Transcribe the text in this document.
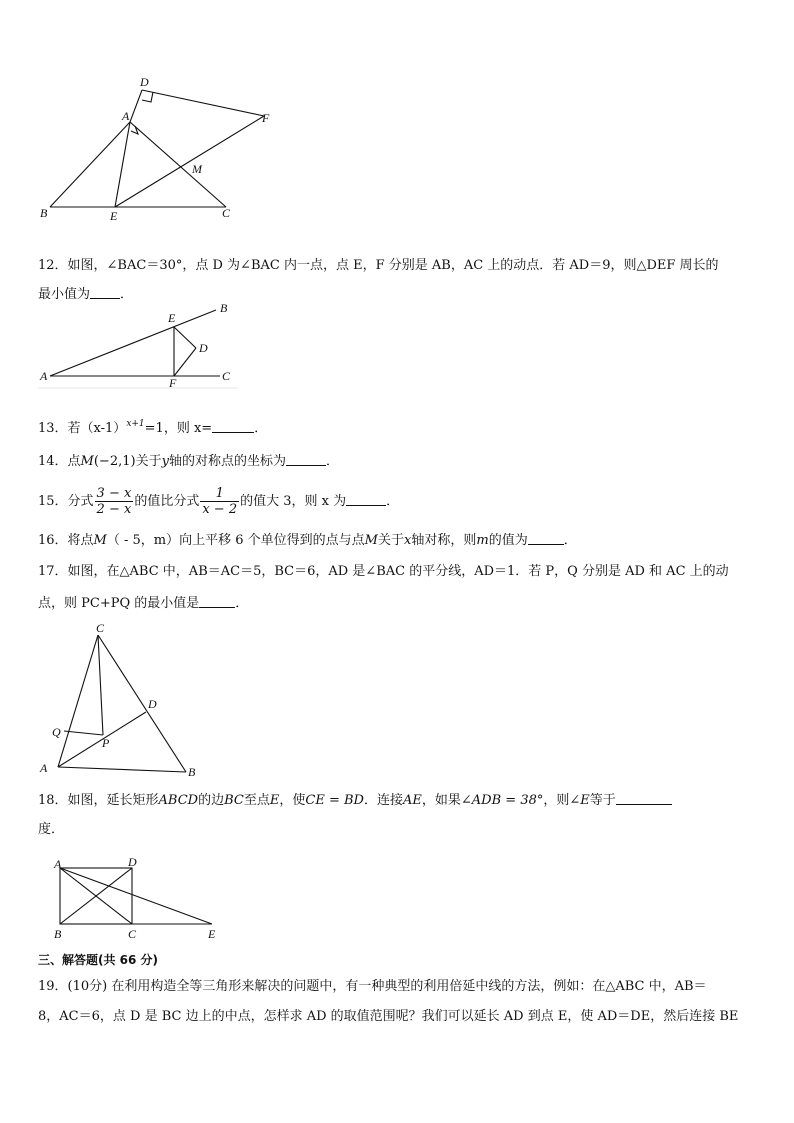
D
A	F
M
B	E	C
12．如图，∠BAC＝30°，点 D 为∠BAC 内一点，点 E，F 分别是 AB，AC 上的动点．若 AD＝9，则△DEF 周长的
最小值为 ．
B
E
D
A	F	C
13．若$(x-1)^{x+1}=1$，则 x=	．
14．点M(−2,1)关于y轴的对称点的坐标为	．
15．分式 $\frac{3 - x}{2 - x}$ 的值比分式 $\frac{1}{x - 2}$ 的值大 3，则 x 为	．
16．将点M（ - 5，m）向上平移 6 个单位得到的点与点M关于x轴对称，则m的值为	．
17．如图，在△ABC 中，AB＝AC＝5，BC＝6，AD 是∠BAC 的平分线，AD＝1．若 P，Q 分别是 AD 和 AC 上的动
点，则 PC+PQ 的最小值是	．
C
D
Q
P
A	B
18．如图，延长矩形ABCD的边BC至点E，使CE = BD．连接AE，如果∠ADB = 38°，则∠E等于
度．
A	D
B	C	E
三、解答题(共 66 分)
19．(10分) 在利用构造全等三角形来解决的问题中，有一种典型的利用倍延中线的方法，例如：在△ABC 中，AB＝
8，AC＝6，点 D 是 BC 边上的中点，怎样求 AD 的取值范围呢？我们可以延长 AD 到点 E，使 AD＝DE，然后连接 BE
